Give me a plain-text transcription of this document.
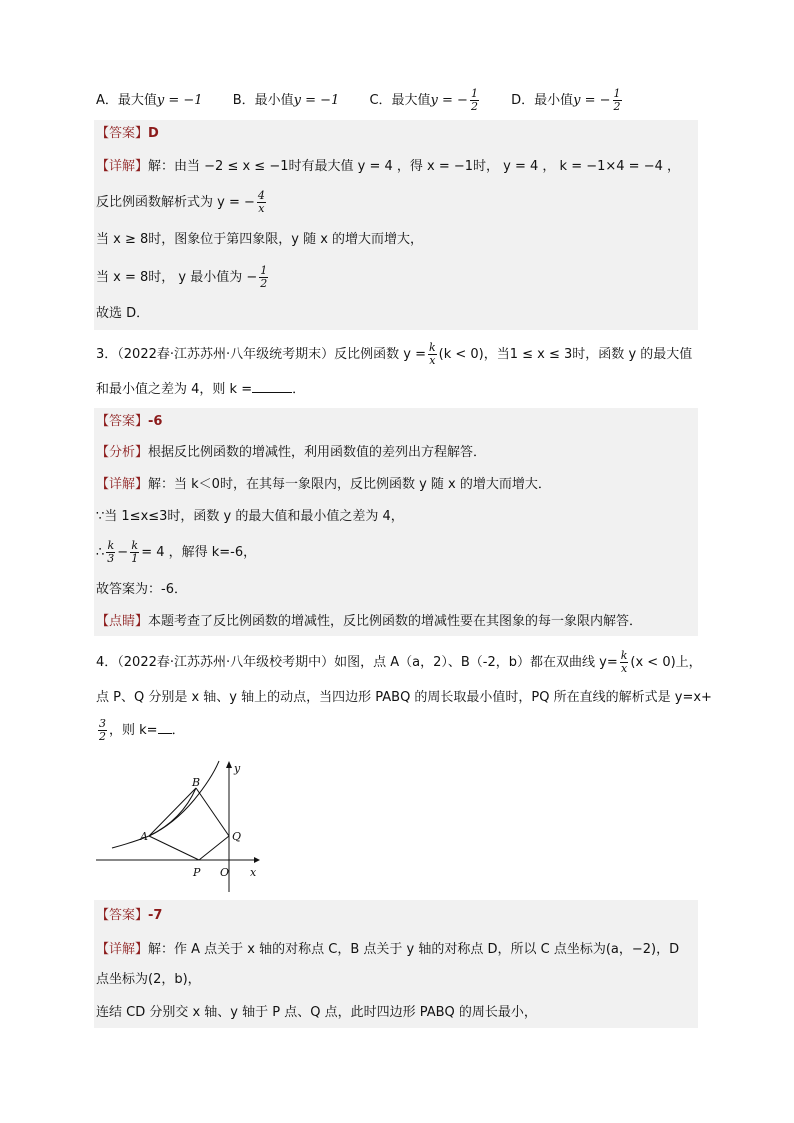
A．最大值y = −1 B．最小值y = −1 C．最大值y = − $\frac{1}{2}$ D．最小值y = − $\frac{1}{2}$
【答案】D
【详解】解：由当 −2 ≤ x ≤ −1时有最大值 y = 4 ，得 x = −1时， y = 4 ， k = −1×4 = −4 ，
反比例函数解析式为 y = − $\frac{4}{x}$
当 x ≥ 8时，图象位于第四象限，y 随 x 的增大而增大，
当 x = 8时， y 最小值为 − $\frac{1}{2}$
故选 D．
3．（2022春·江苏苏州·八年级统考期末）反比例函数 $y = \frac{k}{x} (k < 0)$，当1 ≤ x ≤ 3时，函数 y 的最大值
和最小值之差为 4，则 k =	．
【答案】-6
【分析】根据反比例函数的增减性，利用函数值的差列出方程解答．
【详解】解：当 k＜0时，在其每一象限内，反比例函数 y 随 x 的增大而增大．
∵当 1≤x≤3时，函数 y 的最大值和最小值之差为 4，
∴ $\frac{k}{3} - \frac{k}{1} = 4$ ，解得 k=-6，
故答案为：-6．
【点睛】本题考查了反比例函数的增减性，反比例函数的增减性要在其图象的每一象限内解答．
4．（2022春·江苏苏州·八年级校考期中）如图，点 A（a，2）、B（-2，b）都在双曲线 $y= \frac{k}{x} (x < 0)$上，
点 P、Q 分别是 x 轴、y 轴上的动点，当四边形 PABQ 的周长取最小值时，PQ 所在直线的解析式是 y=x+
$\frac{3}{2}$ ，则 k= ．
y
x
O
A
B
P
Q
【答案】-7
【详解】解：作 A 点关于 x 轴的对称点 C，B 点关于 y 轴的对称点 D，所以 C 点坐标为(a，−2)，D
点坐标为(2，b)，
连结 CD 分别交 x 轴、y 轴于 P 点、Q 点，此时四边形 PABQ 的周长最小，
